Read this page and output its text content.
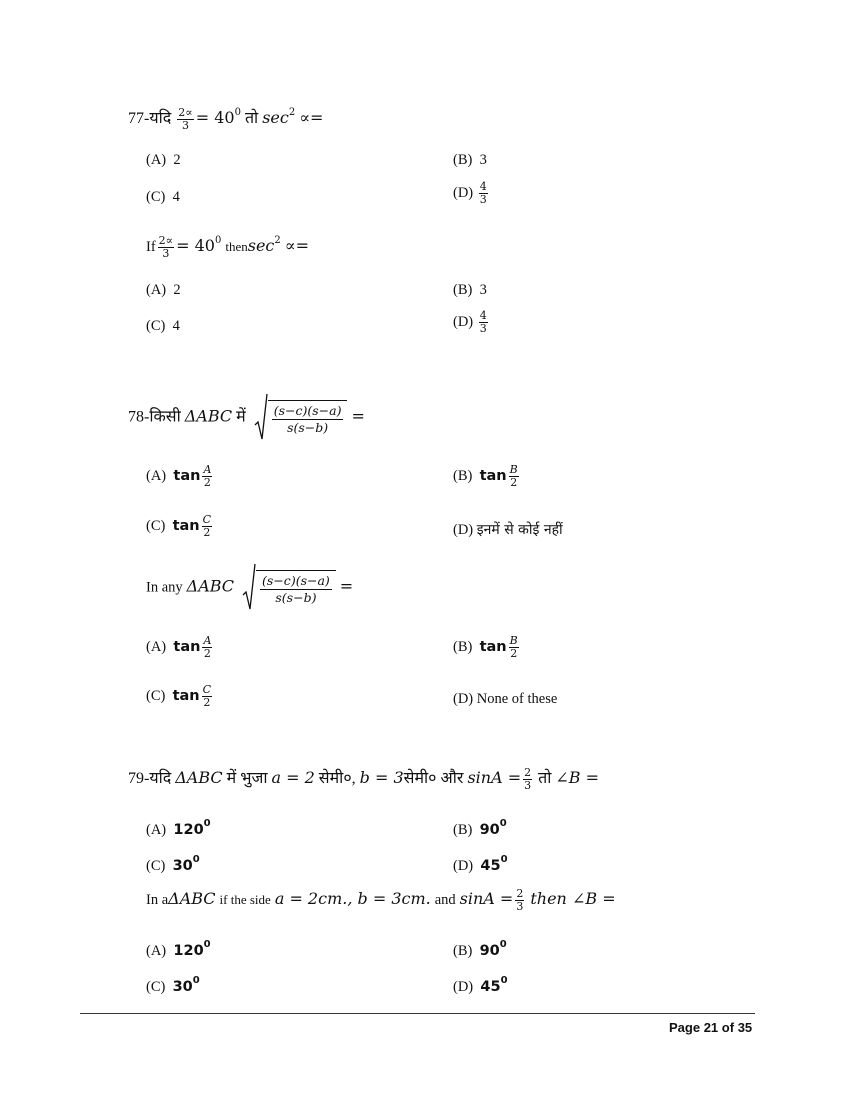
77-यदि $\frac{2\propto}{3} = 40^0$ तो $\sec^2$ ∝=
(A) 2	(B) 3
(C) 4	$(D) \frac{4}{3}$
If $\frac{2\propto}{3} = 40^0$ thensec$^2$ ∝=
(A) 2	(B) 3
(C) 4	$(D) \frac{4}{3}$
78-किसी ΔABC में (s−c)(s−a)
s(s−b)
=
(A) $\tan \frac{A}{2}$	(B) $\tan \frac{B}{2}$
(C) $\tan \frac{C}{2}$	(D) इनमें से कोई नहीं
In any ΔABC (s−c)(s−a)
s(s−b)
=
(A) $\tan \frac{A}{2}$	(B) $\tan \frac{B}{2}$
(C) $\tan \frac{C}{2}$	(D) None of these
79-यदि ΔABC में भुजा a = 2 सेमी०, b = 3सेमी० और $\sin A = \frac{2}{3}$ तो ∠B =
(A) $120^0$	(B) $90^0$
(C) $30^0$	(D) $45^0$
In aΔABC if the side a = 2cm., b = 3cm. and $\sin A = \frac{2}{3}$ then ∠B =
(A) $120^0$	(B) $90^0$
(C) $30^0$	(D) $45^0$
Page 21 of 35
